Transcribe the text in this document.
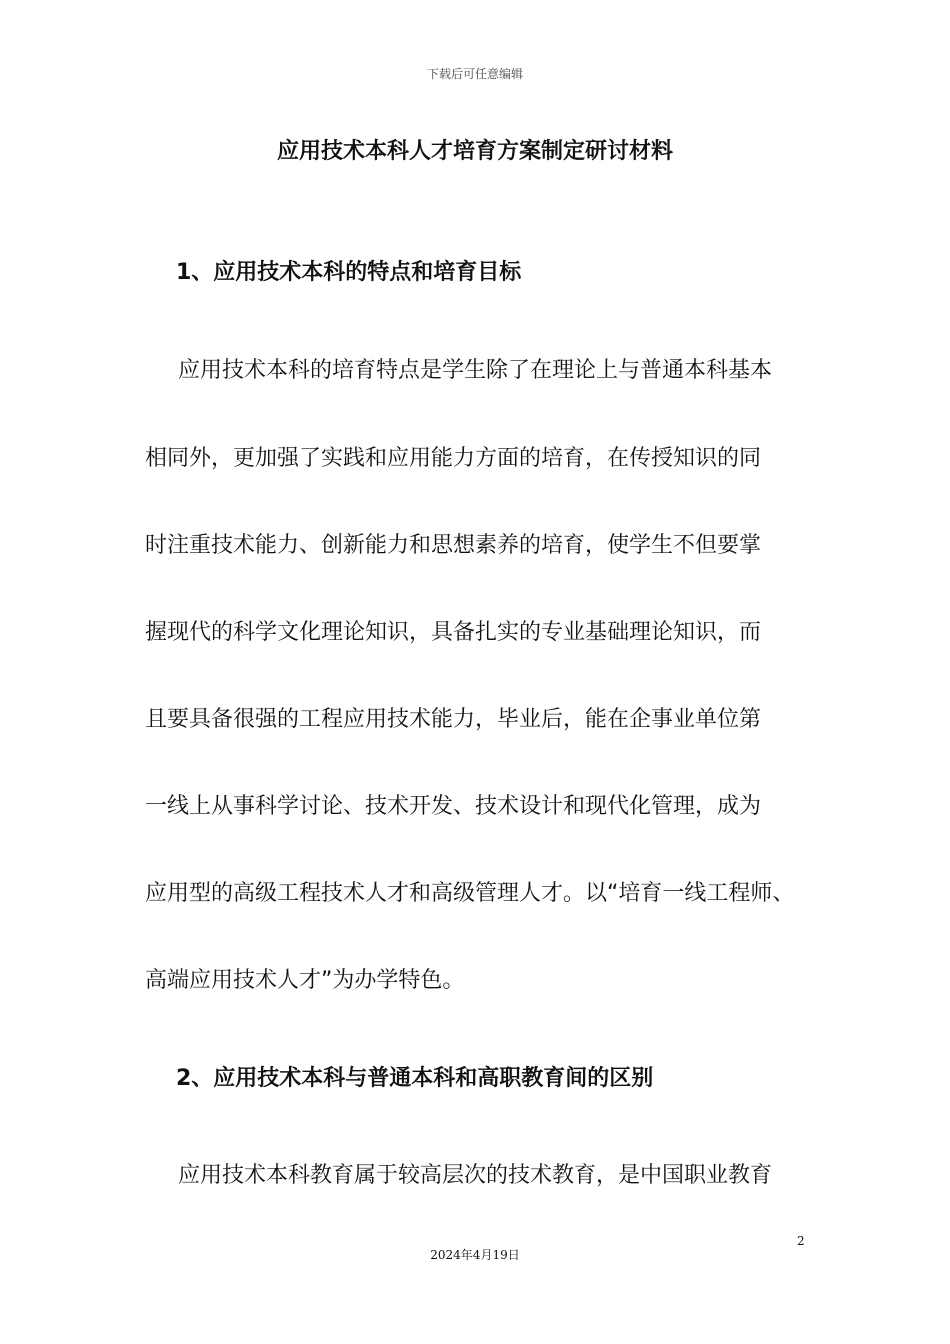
下载后可任意编辑
应用技术本科人才培育方案制定研讨材料
1、应用技术本科的特点和培育目标

应用技术本科的培育特点是学生除了在理论上与普通本科基本

相同外，更加强了实践和应用能力方面的培育，在传授知识的同

时注重技术能力、创新能力和思想素养的培育，使学生不但要掌

握现代的科学文化理论知识，具备扎实的专业基础理论知识，而

且要具备很强的工程应用技术能力，毕业后，能在企事业单位第

一线上从事科学讨论、技术开发、技术设计和现代化管理，成为

应用型的高级工程技术人才和高级管理人才。以“培育一线工程师、

高端应用技术人才”为办学特色。

2、应用技术本科与普通本科和高职教育间的区别

应用技术本科教育属于较高层次的技术教育，是中国职业教育

2
2024年4月19日
